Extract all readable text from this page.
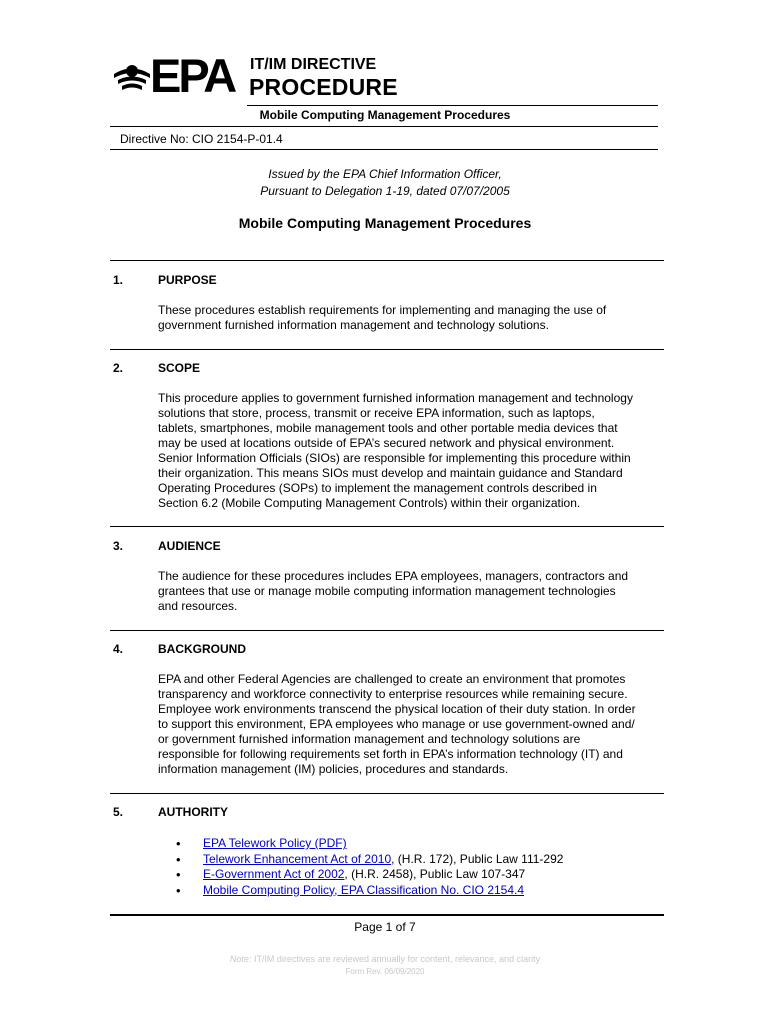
EPA IT/IM DIRECTIVE
PROCEDURE
Mobile Computing Management Procedures
Directive No: CIO 2154-P-01.4
Issued by the EPA Chief Information Officer,
Pursuant to Delegation 1-19, dated 07/07/2005
Mobile Computing Management Procedures
1.	PURPOSE
These procedures establish requirements for implementing and managing the use of
government furnished information management and technology solutions.
2.	SCOPE
This procedure applies to government furnished information management and technology
solutions that store, process, transmit or receive EPA information, such as laptops,
tablets, smartphones, mobile management tools and other portable media devices that
may be used at locations outside of EPA’s secured network and physical environment.
Senior Information Officials (SIOs) are responsible for implementing this procedure within
their organization. This means SIOs must develop and maintain guidance and Standard
Operating Procedures (SOPs) to implement the management controls described in
Section 6.2 (Mobile Computing Management Controls) within their organization.
3.	AUDIENCE
The audience for these procedures includes EPA employees, managers, contractors and
grantees that use or manage mobile computing information management technologies
and resources.
4.	BACKGROUND
EPA and other Federal Agencies are challenged to create an environment that promotes
transparency and workforce connectivity to enterprise resources while remaining secure.
Employee work environments transcend the physical location of their duty station. In order
to support this environment, EPA employees who manage or use government-owned and/
or government furnished information management and technology solutions are
responsible for following requirements set forth in EPA’s information technology (IT) and
information management (IM) policies, procedures and standards.
5.	AUTHORITY
• EPA Telework Policy (PDF)
• Telework Enhancement Act of 2010, (H.R. 172), Public Law 111-292
• E-Government Act of 2002, (H.R. 2458), Public Law 107-347
• Mobile Computing Policy, EPA Classification No. CIO 2154.4
Page 1 of 7
Note: IT/IM directives are reviewed annually for content, relevance, and clarity
Form Rev. 06/09/2020
